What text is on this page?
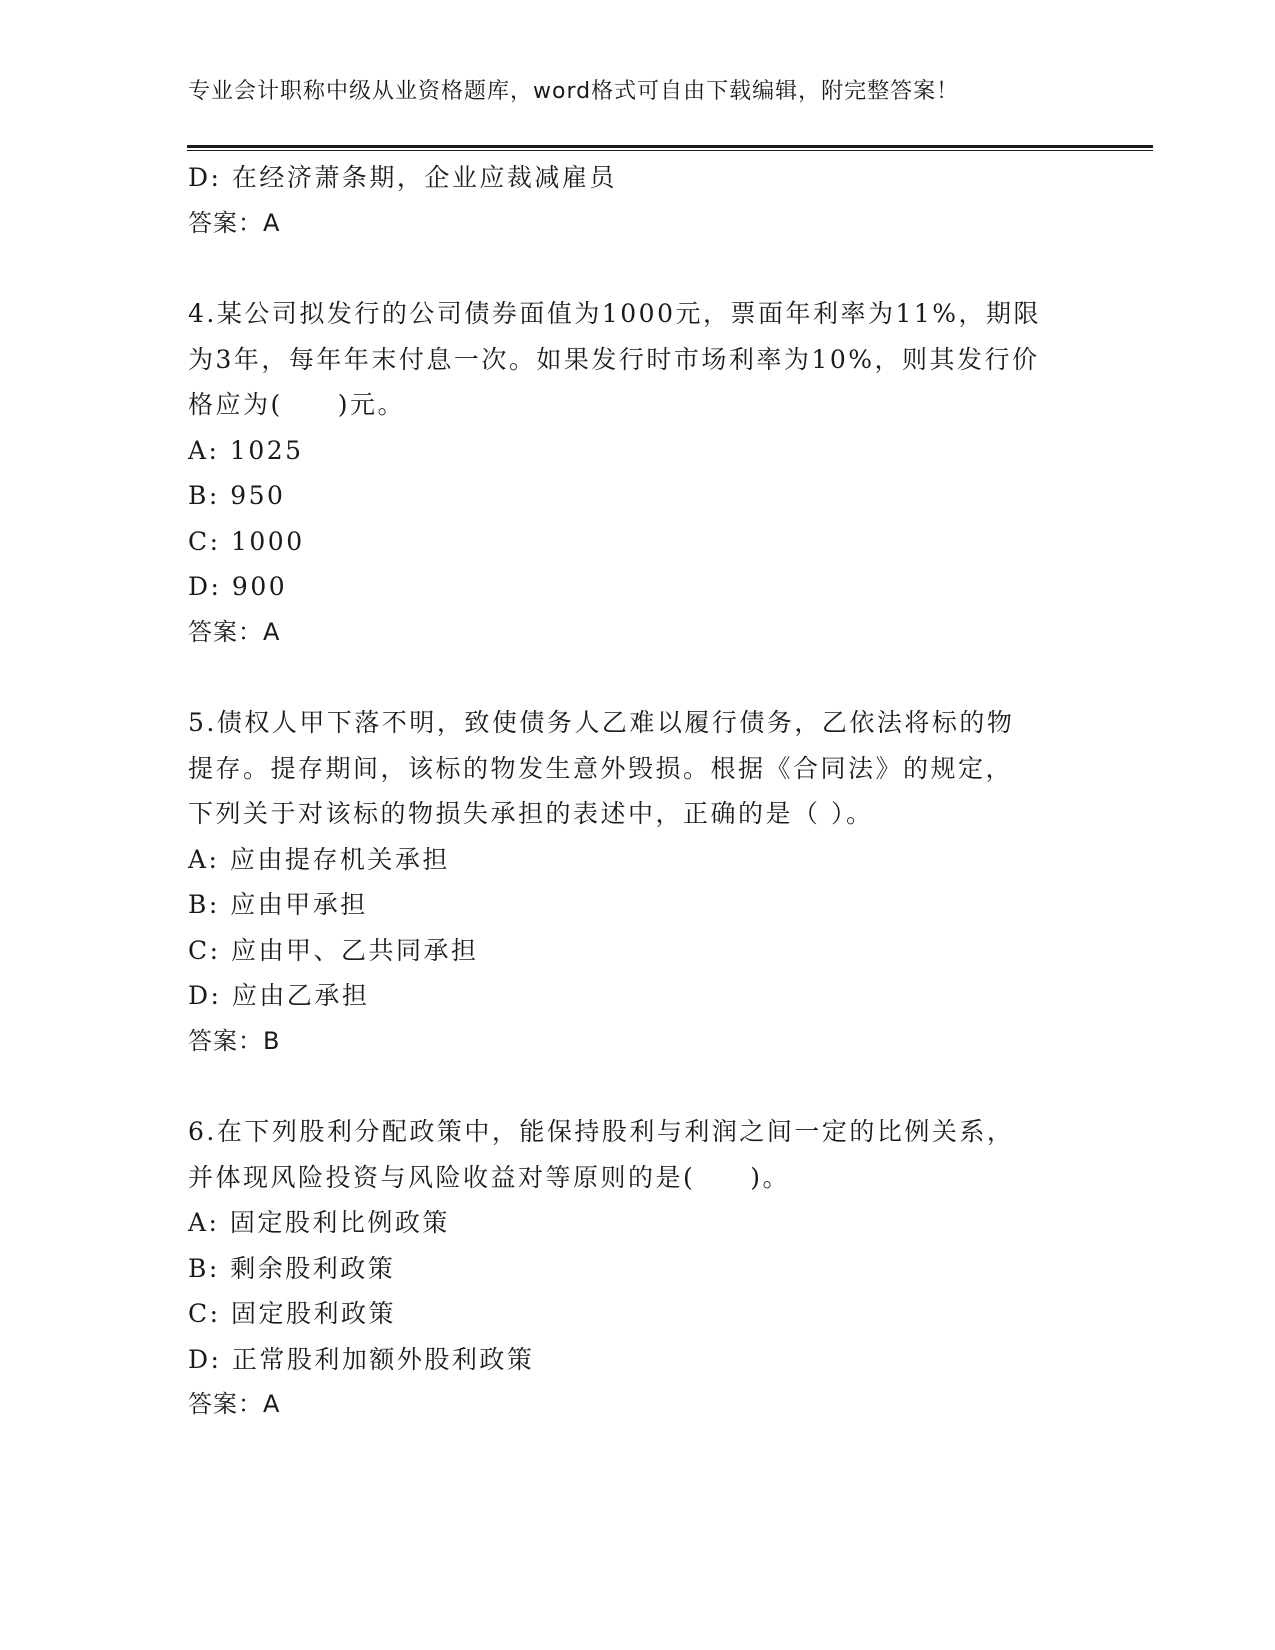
专业会计职称中级从业资格题库，word格式可自由下载编辑，附完整答案！
D: 在经济萧条期，企业应裁减雇员
答案：A
4.某公司拟发行的公司债券面值为1000元，票面年利率为11%，期限
为3年，每年年末付息一次。如果发行时市场利率为10%，则其发行价
格应为(　　)元。
A: 1025
B: 950
C: 1000
D: 900
答案：A
5.债权人甲下落不明，致使债务人乙难以履行债务，乙依法将标的物
提存。提存期间，该标的物发生意外毁损。根据《合同法》的规定，
下列关于对该标的物损失承担的表述中，正确的是（ ）。
A: 应由提存机关承担
B: 应由甲承担
C: 应由甲、乙共同承担
D: 应由乙承担
答案：B
6.在下列股利分配政策中，能保持股利与利润之间一定的比例关系，
并体现风险投资与风险收益对等原则的是(　　)。
A: 固定股利比例政策
B: 剩余股利政策
C: 固定股利政策
D: 正常股利加额外股利政策
答案：A
